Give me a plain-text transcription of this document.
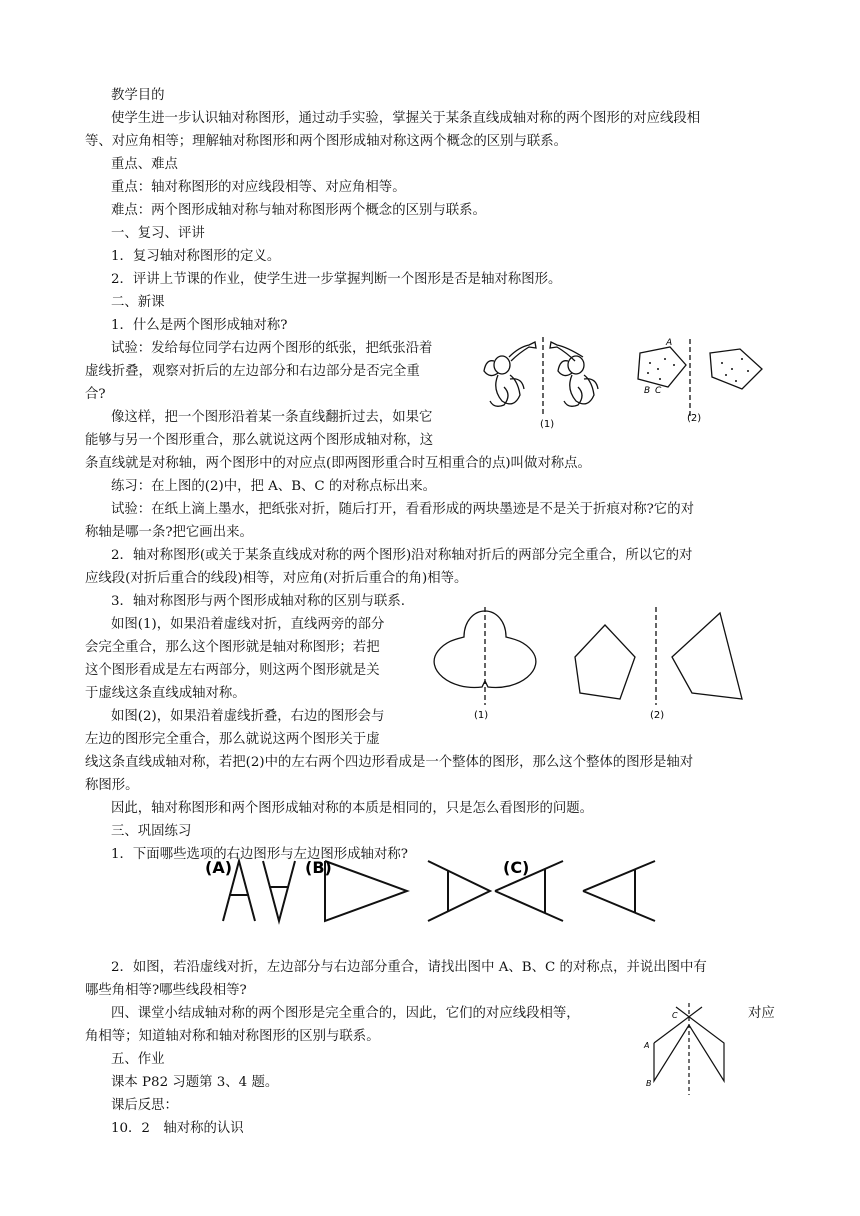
教学目的
使学生进一步认识轴对称图形，通过动手实验，掌握关于某条直线成轴对称的两个图形的对应线段相
等、对应角相等；理解轴对称图形和两个图形成轴对称这两个概念的区别与联系。
重点、难点
重点：轴对称图形的对应线段相等、对应角相等。
难点：两个图形成轴对称与轴对称图形两个概念的区别与联系。
一、复习、评讲
1．复习轴对称图形的定义。
2．评讲上节课的作业，使学生进一步掌握判断一个图形是否是轴对称图形。
二、新课
1．什么是两个图形成轴对称?
试验：发给每位同学右边两个图形的纸张，把纸张沿着
虚线折叠，观察对折后的左边部分和右边部分是否完全重
合?
像这样，把一个图形沿着某一条直线翻折过去，如果它
能够与另一个图形重合，那么就说这两个图形成轴对称，这
条直线就是对称轴，两个图形中的对应点(即两图形重合时互相重合的点)叫做对称点。
练习：在上图的(2)中，把 A、B、C 的对称点标出来。
试验：在纸上滴上墨水，把纸张对折，随后打开，看看形成的两块墨迹是不是关于折痕对称?它的对
称轴是哪一条?把它画出来。
2．轴对称图形(或关于某条直线成对称的两个图形)沿对称轴对折后的两部分完全重合，所以它的对
应线段(对折后重合的线段)相等，对应角(对折后重合的角)相等。
3．轴对称图形与两个图形成轴对称的区别与联系.
如图(1)，如果沿着虚线对折，直线两旁的部分
会完全重合，那么这个图形就是轴对称图形；若把
这个图形看成是左右两部分，则这两个图形就是关
于虚线这条直线成轴对称。
如图(2)，如果沿着虚线折叠，右边的图形会与
左边的图形完全重合，那么就说这两个图形关于虚
线这条直线成轴对称，若把(2)中的左右两个四边形看成是一个整体的图形，那么这个整体的图形是轴对
称图形。
因此，轴对称图形和两个图形成轴对称的本质是相同的，只是怎么看图形的问题。
三、巩固练习
1．下面哪些选项的右边图形与左边图形成轴对称?
2．如图，若沿虚线对折，左边部分与右边部分重合，请找出图中 A、B、C 的对称点，并说出图中有
哪些角相等?哪些线段相等?
四、课堂小结成轴对称的两个图形是完全重合的，因此，它们的对应线段相等，	对应
角相等；知道轴对称和轴对称图形的区别与联系。
五、作业
课本 P82 习题第 3、4 题。
课后反思：
10．2　轴对称的认识
(1)
(2)
A
B C
(1)	(2)
(A)	(B)	(C)
A
B
C
